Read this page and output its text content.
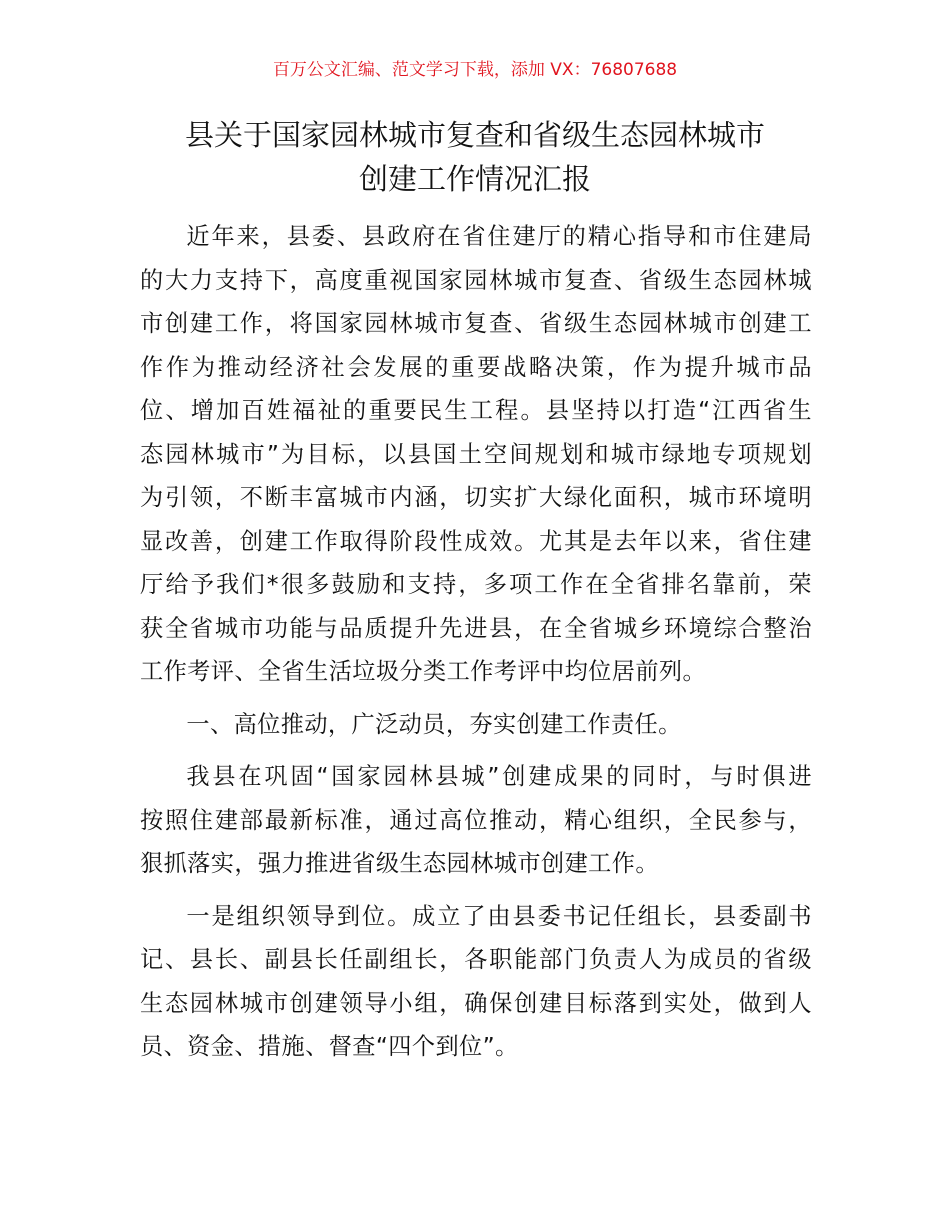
百万公文汇编、范文学习下载，添加 VX：76807688
县关于国家园林城市复查和省级生态园林城市
创建工作情况汇报
近年来，县委、县政府在省住建厅的精心指导和市住建局
的大力支持下，高度重视国家园林城市复查、省级生态园林城
市创建工作，将国家园林城市复查、省级生态园林城市创建工
作作为推动经济社会发展的重要战略决策，作为提升城市品
位、增加百姓福祉的重要民生工程。县坚持以打造“江西省生
态园林城市”为目标，以县国土空间规划和城市绿地专项规划
为引领，不断丰富城市内涵，切实扩大绿化面积，城市环境明
显改善，创建工作取得阶段性成效。尤其是去年以来，省住建
厅给予我们*很多鼓励和支持，多项工作在全省排名靠前，荣
获全省城市功能与品质提升先进县，在全省城乡环境综合整治
工作考评、全省生活垃圾分类工作考评中均位居前列。
一、高位推动，广泛动员，夯实创建工作责任。
我县在巩固“国家园林县城”创建成果的同时，与时俱进
按照住建部最新标准，通过高位推动，精心组织，全民参与，
狠抓落实，强力推进省级生态园林城市创建工作。
一是组织领导到位。成立了由县委书记任组长，县委副书
记、县长、副县长任副组长，各职能部门负责人为成员的省级
生态园林城市创建领导小组，确保创建目标落到实处，做到人
员、资金、措施、督查“四个到位”。
